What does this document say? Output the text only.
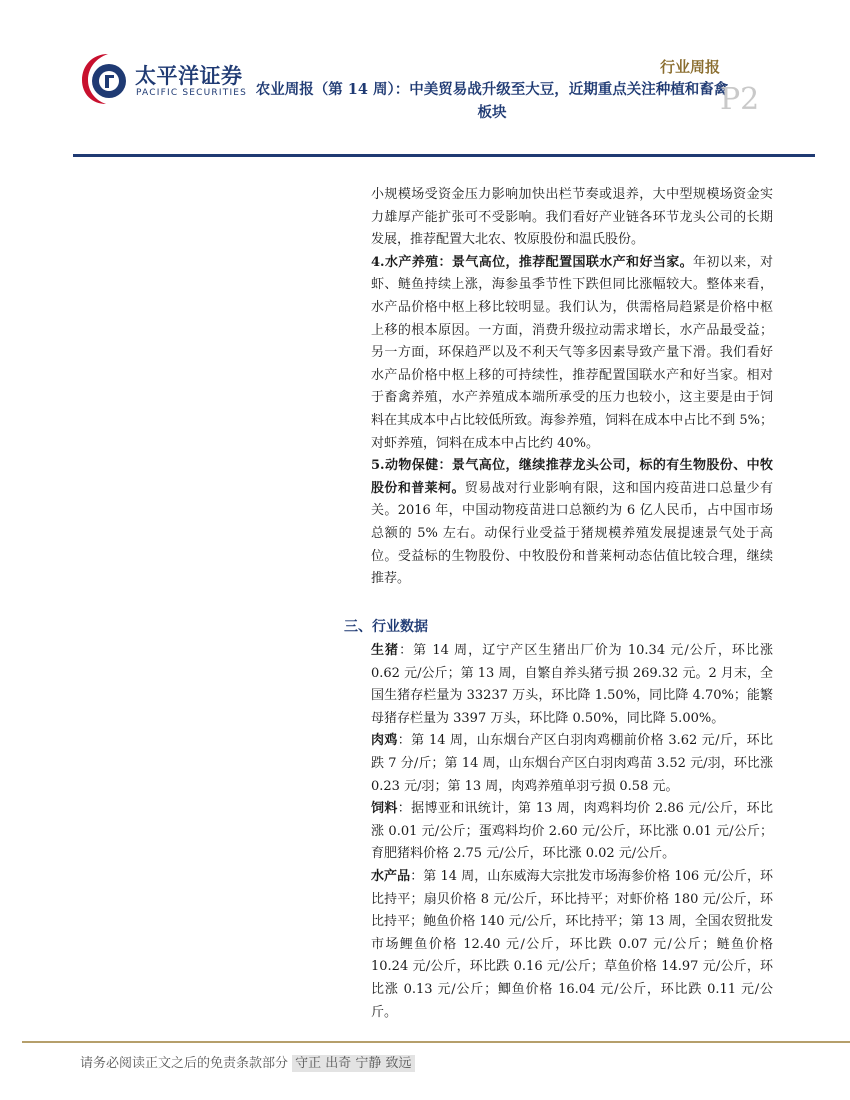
太平洋证券
PACIFIC SECURITIES
行业周报
农业周报（第 14 周）：中美贸易战升级至大豆，近期重点关注种植和畜禽板块	P2

小规模场受资金压力影响加快出栏节奏或退养，大中型规模场资金实力雄厚产能扩张可不受影响。我们看好产业链各环节龙头公司的长期发展，推荐配置大北农、牧原股份和温氏股份。

4.水产养殖：景气高位，推荐配置国联水产和好当家。年初以来，对虾、鲢鱼持续上涨，海参虽季节性下跌但同比涨幅较大。整体来看，水产品价格中枢上移比较明显。我们认为，供需格局趋紧是价格中枢上移的根本原因。一方面，消费升级拉动需求增长，水产品最受益；另一方面，环保趋严以及不利天气等多因素导致产量下滑。我们看好水产品价格中枢上移的可持续性，推荐配置国联水产和好当家。相对于畜禽养殖，水产养殖成本端所承受的压力也较小，这主要是由于饲料在其成本中占比较低所致。海参养殖，饲料在成本中占比不到 5%；对虾养殖，饲料在成本中占比约 40%。

5.动物保健：景气高位，继续推荐龙头公司，标的有生物股份、中牧股份和普莱柯。贸易战对行业影响有限，这和国内疫苗进口总量少有关。2016 年，中国动物疫苗进口总额约为 6 亿人民币，占中国市场总额的 5% 左右。动保行业受益于猪规模养殖发展提速景气处于高位。受益标的生物股份、中牧股份和普莱柯动态估值比较合理，继续推荐。

三、行业数据

生猪：第 14 周，辽宁产区生猪出厂价为 10.34 元/公斤，环比涨 0.62 元/公斤；第 13 周，自繁自养头猪亏损 269.32 元。2 月末，全国生猪存栏量为 33237 万头，环比降 1.50%，同比降 4.70%；能繁母猪存栏量为 3397 万头，环比降 0.50%，同比降 5.00%。

肉鸡：第 14 周，山东烟台产区白羽肉鸡棚前价格 3.62 元/斤，环比跌 7 分/斤；第 14 周，山东烟台产区白羽肉鸡苗 3.52 元/羽，环比涨 0.23 元/羽；第 13 周，肉鸡养殖单羽亏损 0.58 元。

饲料：据博亚和讯统计，第 13 周，肉鸡料均价 2.86 元/公斤，环比涨 0.01 元/公斤；蛋鸡料均价 2.60 元/公斤，环比涨 0.01 元/公斤；育肥猪料价格 2.75 元/公斤，环比涨 0.02 元/公斤。

水产品：第 14 周，山东威海大宗批发市场海参价格 106 元/公斤，环比持平；扇贝价格 8 元/公斤，环比持平；对虾价格 180 元/公斤，环比持平；鲍鱼价格 140 元/公斤，环比持平；第 13 周，全国农贸批发市场鲤鱼价格 12.40 元/公斤，环比跌 0.07 元/公斤；鲢鱼价格 10.24 元/公斤，环比跌 0.16 元/公斤；草鱼价格 14.97 元/公斤，环比涨 0.13 元/公斤；鲫鱼价格 16.04 元/公斤，环比跌 0.11 元/公斤。

请务必阅读正文之后的免责条款部分 守正 出奇 宁静 致远
